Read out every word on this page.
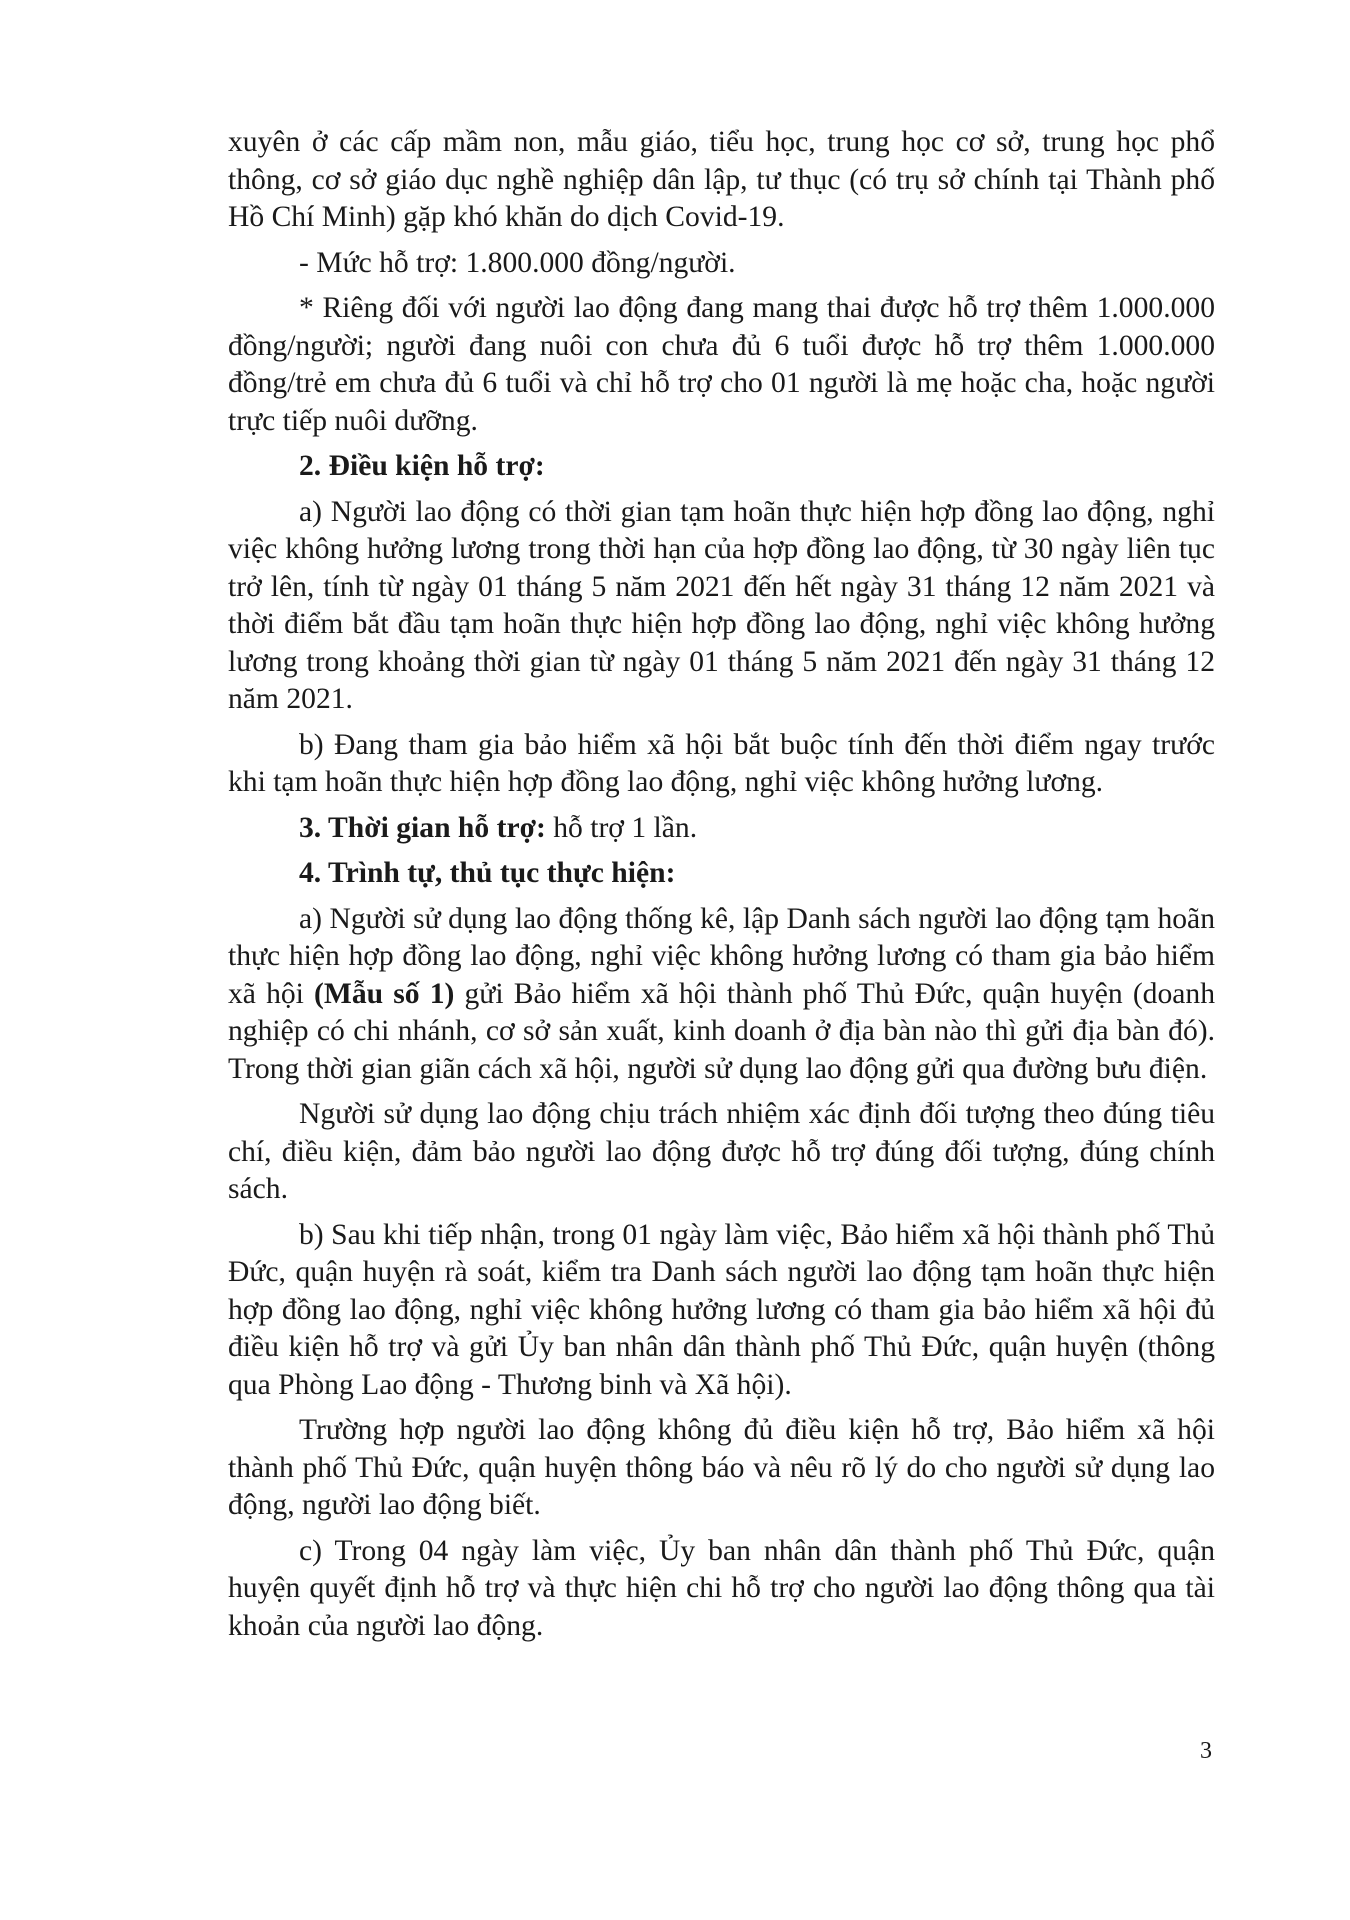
xuyên ở các cấp mầm non, mẫu giáo, tiểu học, trung học cơ sở, trung học phổ thông, cơ sở giáo dục nghề nghiệp dân lập, tư thục (có trụ sở chính tại Thành phố Hồ Chí Minh) gặp khó khăn do dịch Covid-19.

- Mức hỗ trợ: 1.800.000 đồng/người.

* Riêng đối với người lao động đang mang thai được hỗ trợ thêm 1.000.000 đồng/người; người đang nuôi con chưa đủ 6 tuổi được hỗ trợ thêm 1.000.000 đồng/trẻ em chưa đủ 6 tuổi và chỉ hỗ trợ cho 01 người là mẹ hoặc cha, hoặc người trực tiếp nuôi dưỡng.

2. Điều kiện hỗ trợ:

a) Người lao động có thời gian tạm hoãn thực hiện hợp đồng lao động, nghỉ việc không hưởng lương trong thời hạn của hợp đồng lao động, từ 30 ngày liên tục trở lên, tính từ ngày 01 tháng 5 năm 2021 đến hết ngày 31 tháng 12 năm 2021 và thời điểm bắt đầu tạm hoãn thực hiện hợp đồng lao động, nghỉ việc không hưởng lương trong khoảng thời gian từ ngày 01 tháng 5 năm 2021 đến ngày 31 tháng 12 năm 2021.

b) Đang tham gia bảo hiểm xã hội bắt buộc tính đến thời điểm ngay trước khi tạm hoãn thực hiện hợp đồng lao động, nghỉ việc không hưởng lương.

3. Thời gian hỗ trợ: hỗ trợ 1 lần.

4. Trình tự, thủ tục thực hiện:

a) Người sử dụng lao động thống kê, lập Danh sách người lao động tạm hoãn thực hiện hợp đồng lao động, nghỉ việc không hưởng lương có tham gia bảo hiểm xã hội (Mẫu số 1) gửi Bảo hiểm xã hội thành phố Thủ Đức, quận huyện (doanh nghiệp có chi nhánh, cơ sở sản xuất, kinh doanh ở địa bàn nào thì gửi địa bàn đó). Trong thời gian giãn cách xã hội, người sử dụng lao động gửi qua đường bưu điện.

Người sử dụng lao động chịu trách nhiệm xác định đối tượng theo đúng tiêu chí, điều kiện, đảm bảo người lao động được hỗ trợ đúng đối tượng, đúng chính sách.

b) Sau khi tiếp nhận, trong 01 ngày làm việc, Bảo hiểm xã hội thành phố Thủ Đức, quận huyện rà soát, kiểm tra Danh sách người lao động tạm hoãn thực hiện hợp đồng lao động, nghỉ việc không hưởng lương có tham gia bảo hiểm xã hội đủ điều kiện hỗ trợ và gửi Ủy ban nhân dân thành phố Thủ Đức, quận huyện (thông qua Phòng Lao động - Thương binh và Xã hội).

Trường hợp người lao động không đủ điều kiện hỗ trợ, Bảo hiểm xã hội thành phố Thủ Đức, quận huyện thông báo và nêu rõ lý do cho người sử dụng lao động, người lao động biết.

c) Trong 04 ngày làm việc, Ủy ban nhân dân thành phố Thủ Đức, quận huyện quyết định hỗ trợ và thực hiện chi hỗ trợ cho người lao động thông qua tài khoản của người lao động.

3
